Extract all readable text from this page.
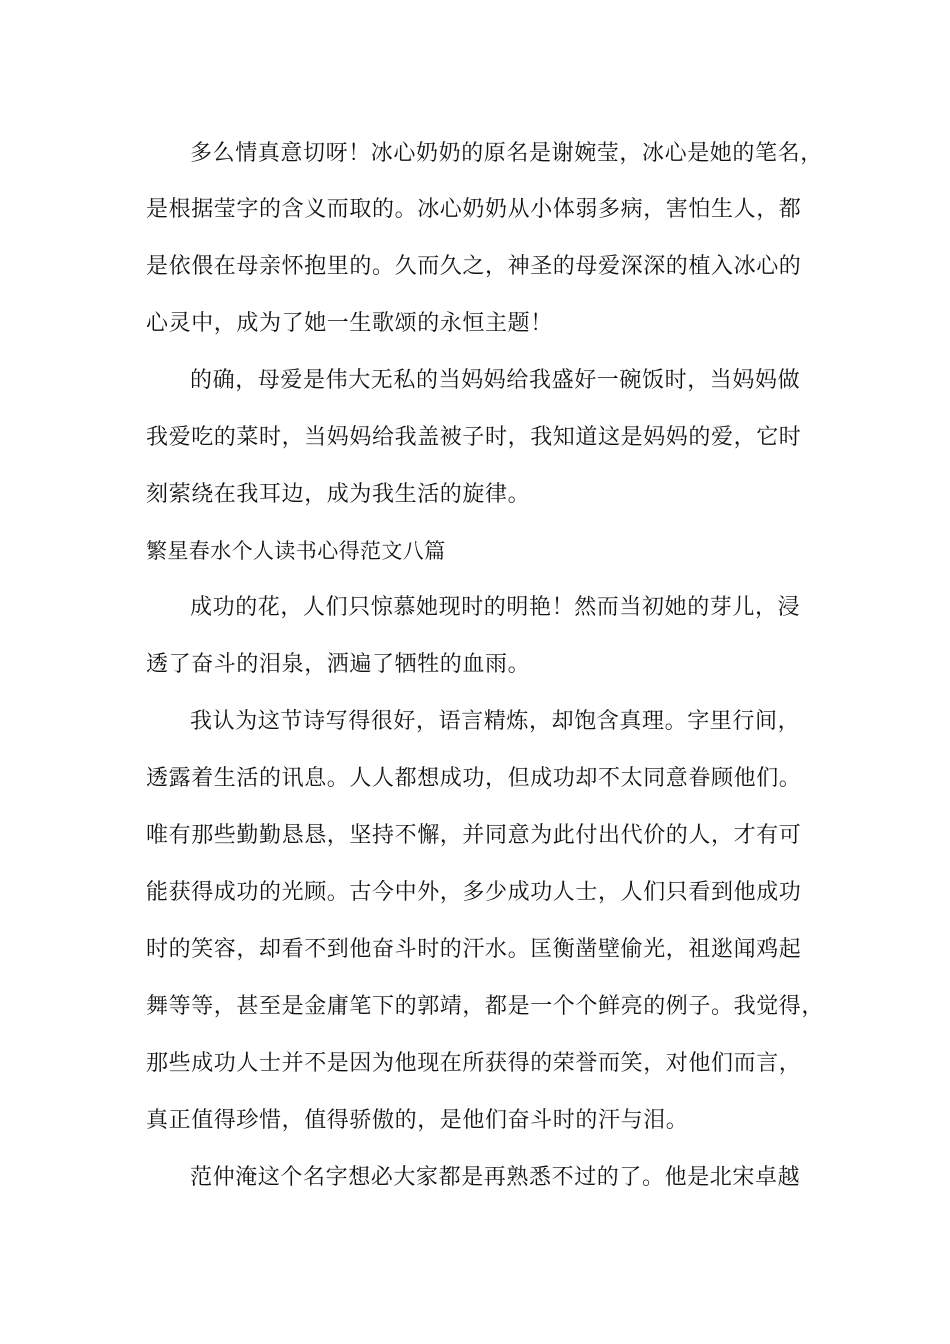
多么情真意切呀！冰心奶奶的原名是谢婉莹，冰心是她的笔名，
是根据莹字的含义而取的。冰心奶奶从小体弱多病，害怕生人，都
是依偎在母亲怀抱里的。久而久之，神圣的母爱深深的植入冰心的
心灵中，成为了她一生歌颂的永恒主题！
的确，母爱是伟大无私的当妈妈给我盛好一碗饭时，当妈妈做
我爱吃的菜时，当妈妈给我盖被子时，我知道这是妈妈的爱，它时
刻萦绕在我耳边，成为我生活的旋律。
繁星春水个人读书心得范文八篇
成功的花，人们只惊慕她现时的明艳！然而当初她的芽儿，浸
透了奋斗的泪泉，洒遍了牺牲的血雨。
我认为这节诗写得很好，语言精炼，却饱含真理。字里行间，
透露着生活的讯息。人人都想成功，但成功却不太同意眷顾他们。
唯有那些勤勤恳恳，坚持不懈，并同意为此付出代价的人，才有可
能获得成功的光顾。古今中外，多少成功人士，人们只看到他成功
时的笑容，却看不到他奋斗时的汗水。匡衡凿壁偷光，祖逖闻鸡起
舞等等，甚至是金庸笔下的郭靖，都是一个个鲜亮的例子。我觉得，
那些成功人士并不是因为他现在所获得的荣誉而笑，对他们而言，
真正值得珍惜，值得骄傲的，是他们奋斗时的汗与泪。
范仲淹这个名字想必大家都是再熟悉不过的了。他是北宋卓越
